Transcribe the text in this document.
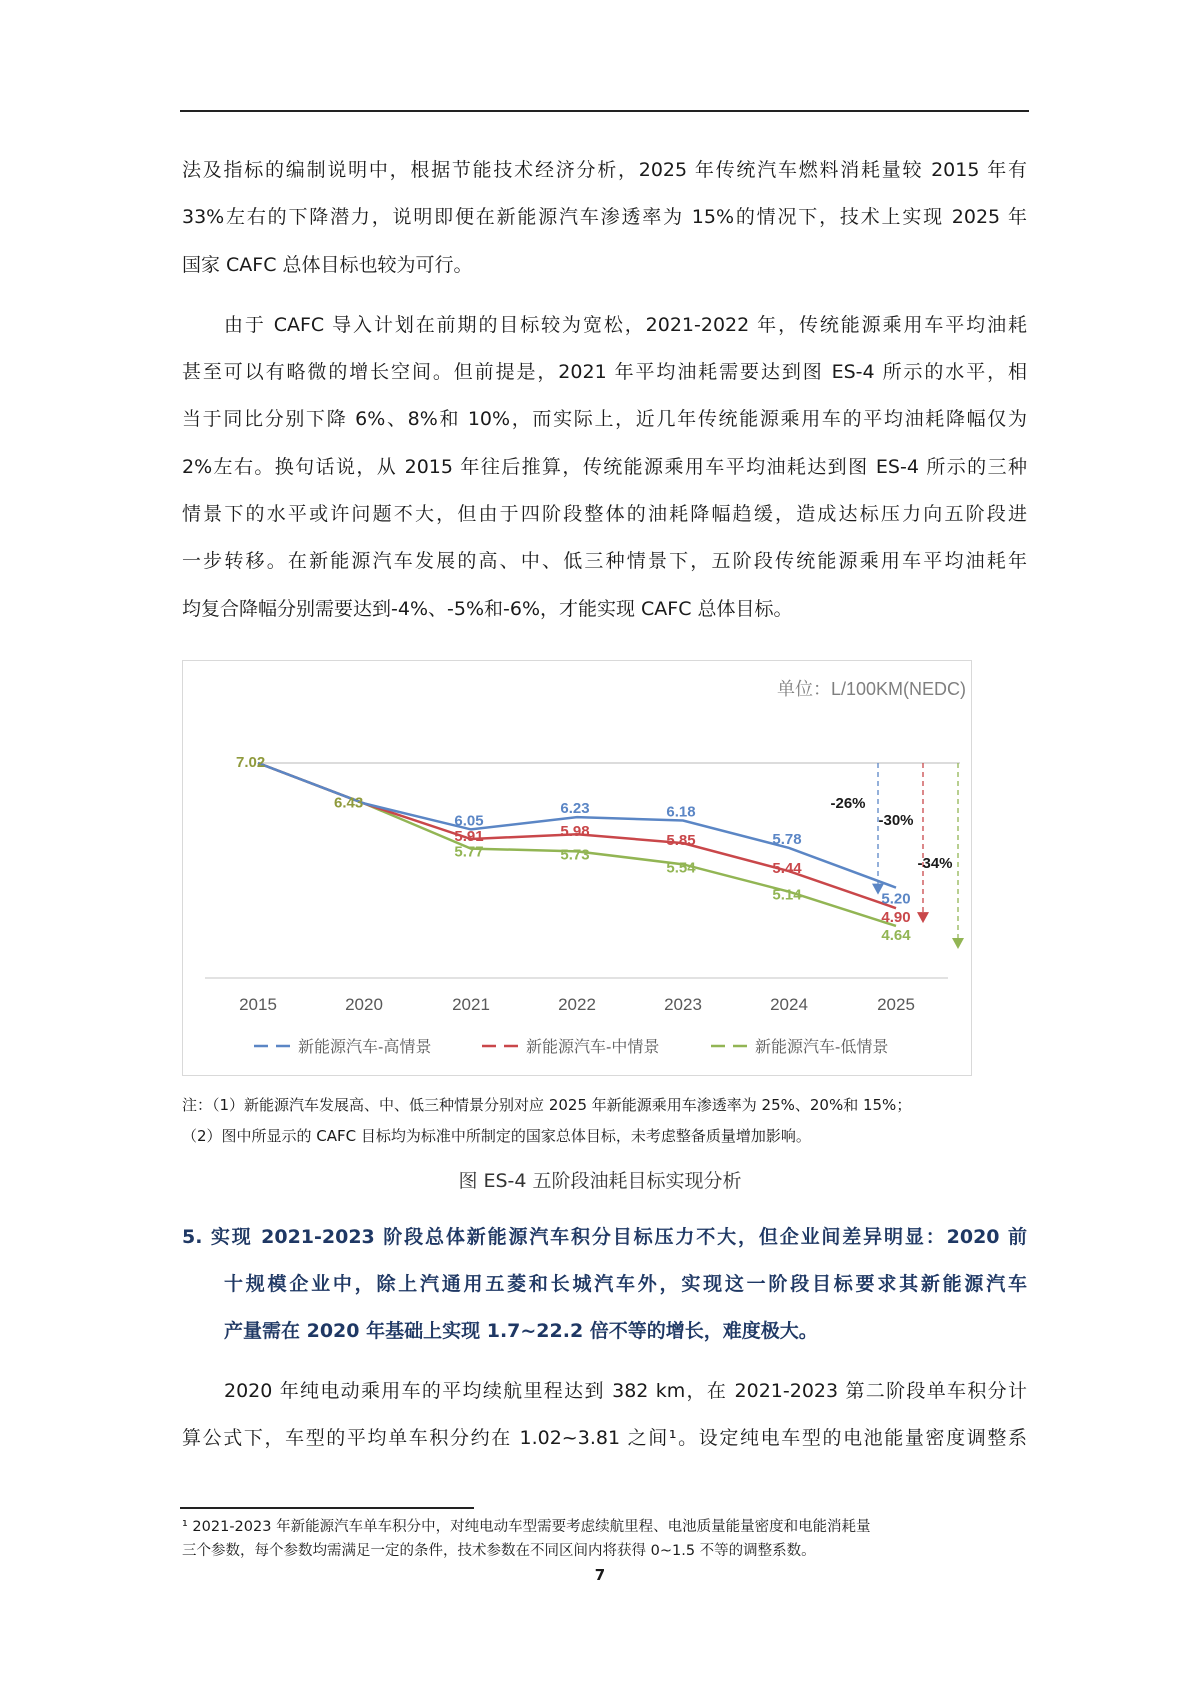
法及指标的编制说明中，根据节能技术经济分析，2025 年传统汽车燃料消耗量较 2015 年有
33%左右的下降潜力，说明即便在新能源汽车渗透率为 15%的情况下，技术上实现 2025 年
国家 CAFC 总体目标也较为可行。
由于 CAFC 导入计划在前期的目标较为宽松，2021-2022 年，传统能源乘用车平均油耗
甚至可以有略微的增长空间。但前提是，2021 年平均油耗需要达到图 ES-4 所示的水平，相
当于同比分别下降 6%、8%和 10%，而实际上，近几年传统能源乘用车的平均油耗降幅仅为
2%左右。换句话说，从 2015 年往后推算，传统能源乘用车平均油耗达到图 ES-4 所示的三种
情景下的水平或许问题不大，但由于四阶段整体的油耗降幅趋缓，造成达标压力向五阶段进
一步转移。在新能源汽车发展的高、中、低三种情景下，五阶段传统能源乘用车平均油耗年
均复合降幅分别需要达到-4%、-5%和-6%，才能实现 CAFC 总体目标。
单位：L/100KM(NEDC)
2015	2020	2021	2022	2023	2024	2025
6.05
6.23	6.18
5.78
5.20
5.91	5.98
5.85
5.44
4.90
7.02
6.43
5.77	5.73
5.54
5.14
4.64
-26%
-30%
-34%
新能源汽车-高情景	新能源汽车-中情景	新能源汽车-低情景
注：（1）新能源汽车发展高、中、低三种情景分别对应 2025 年新能源乘用车渗透率为 25%、20%和 15%；
（2）图中所显示的 CAFC 目标均为标准中所制定的国家总体目标，未考虑整备质量增加影响。
图 ES-4 五阶段油耗目标实现分析
5. 实现 2021-2023 阶段总体新能源汽车积分目标压力不大，但企业间差异明显：2020 前
十规模企业中，除上汽通用五菱和长城汽车外，实现这一阶段目标要求其新能源汽车
产量需在 2020 年基础上实现 1.7~22.2 倍不等的增长，难度极大。
2020 年纯电动乘用车的平均续航里程达到 382 km，在 2021-2023 第二阶段单车积分计
算公式下，车型的平均单车积分约在 1.02~3.81 之间¹。设定纯电车型的电池能量密度调整系
¹ 2021-2023 年新能源汽车单车积分中，对纯电动车型需要考虑续航里程、电池质量能量密度和电能消耗量
三个参数，每个参数均需满足一定的条件，技术参数在不同区间内将获得 0~1.5 不等的调整系数。
7
